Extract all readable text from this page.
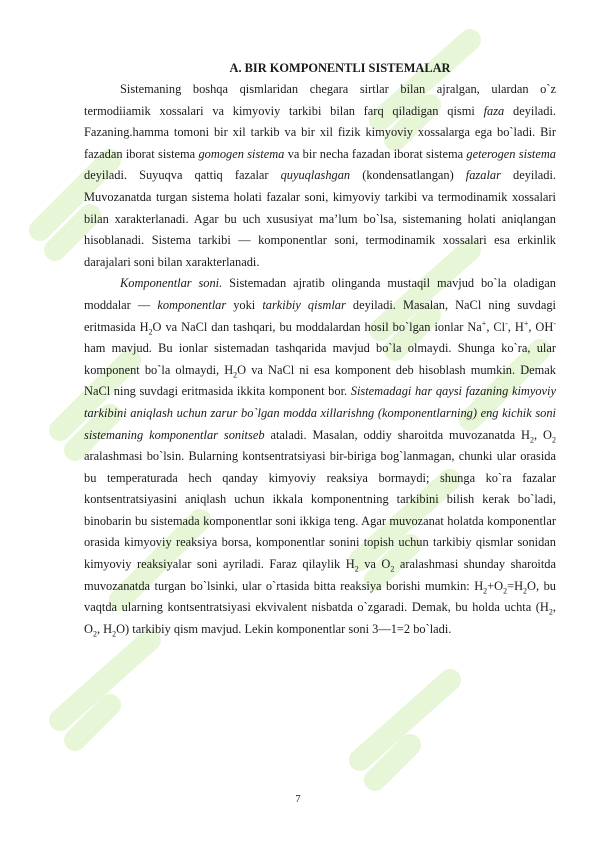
A. BIR KOMPONENTLI SISTEMALAR

Sistemaning boshqa qismlaridan chegara sirtlar bilan ajralgan, ulardan o`z termodiiamik xossalari va kimyoviy tarkibi bilan farq qiladigan qismi faza deyiladi. Fazaning.hamma tomoni bir xil tarkib va bir xil fizik kimyoviy xossalarga ega bo`ladi. Bir fazadan iborat sistema gomogen sistema va bir necha fazadan iborat sistema geterogen sistema deyiladi. Suyuqva qattiq fazalar quyuqlashgan (kondensatlangan) fazalar deyiladi. Muvozanatda turgan sistema holati fazalar soni, kimyoviy tarkibi va termodinamik xossalari bilan xarakterlanadi. Agar bu uch xususiyat ma’lum bo`lsa, sistemaning holati aniqlangan hisoblanadi. Sistema tarkibi — komponentlar soni, termodinamik xossalari esa erkinlik darajalari soni bilan xarakterlanadi.

Komponentlar soni. Sistemadan ajratib olinganda mustaqil mavjud bo`la oladigan moddalar — komponentlar yoki tarkibiy qismlar deyiladi. Masalan, NaCl ning suvdagi eritmasida $H_2O$ va NaCl dan tashqari, bu moddalardan hosil bo`lgan ionlar Na+, Cl-, H+, OH- ham mavjud. Bu ionlar sistemadan tashqarida mavjud bo`la olmaydi. Shunga ko`ra, ular komponent bo`la olmaydi, $H_2O$ va NaCl ni esa komponent deb hisoblash mumkin. Demak NaCl ning suvdagi eritmasida ikkita komponent bor. Sistemadagi har qaysi fazaning kimyoviy tarkibini aniqlash uchun zarur bo`lgan modda xillarishng (komponentlarning) eng kichik soni sistemaning komponentlar sonitseb ataladi. Masalan, oddiy sharoitda muvozanatda $H_2$, $O_2$ aralashmasi bo`lsin. Bularning kontsentratsiyasi bir-biriga bog`lanmagan, chunki ular orasida bu temperaturada hech qanday kimyoviy reaksiya bormaydi; shunga ko`ra fazalar kontsentratsiyasini aniqlash uchun ikkala komponentning tarkibini bilish kerak bo`ladi, binobarin bu sistemada komponentlar soni ikkiga teng. Agar muvozanat holatda komponentlar orasida kimyoviy reaksiya borsa, komponentlar sonini topish uchun tarkibiy qismlar sonidan kimyoviy reaksiyalar soni ayriladi. Faraz qilaylik $H_2$ va $O_2$ aralashmasi shunday sharoitda muvozanatda turgan bo`lsinki, ular o`rtasida bitta reaksiya borishi mumkin: $H_2+O_2=H_2O$, bu vaqtda ularning kontsentratsiyasi ekvivalent nisbatda o`zgaradi. Demak, bu holda uchta ($H_2$, $O_2$, $H_2O$) tarkibiy qism mavjud. Lekin komponentlar soni 3—1=2 bo`ladi.

7
